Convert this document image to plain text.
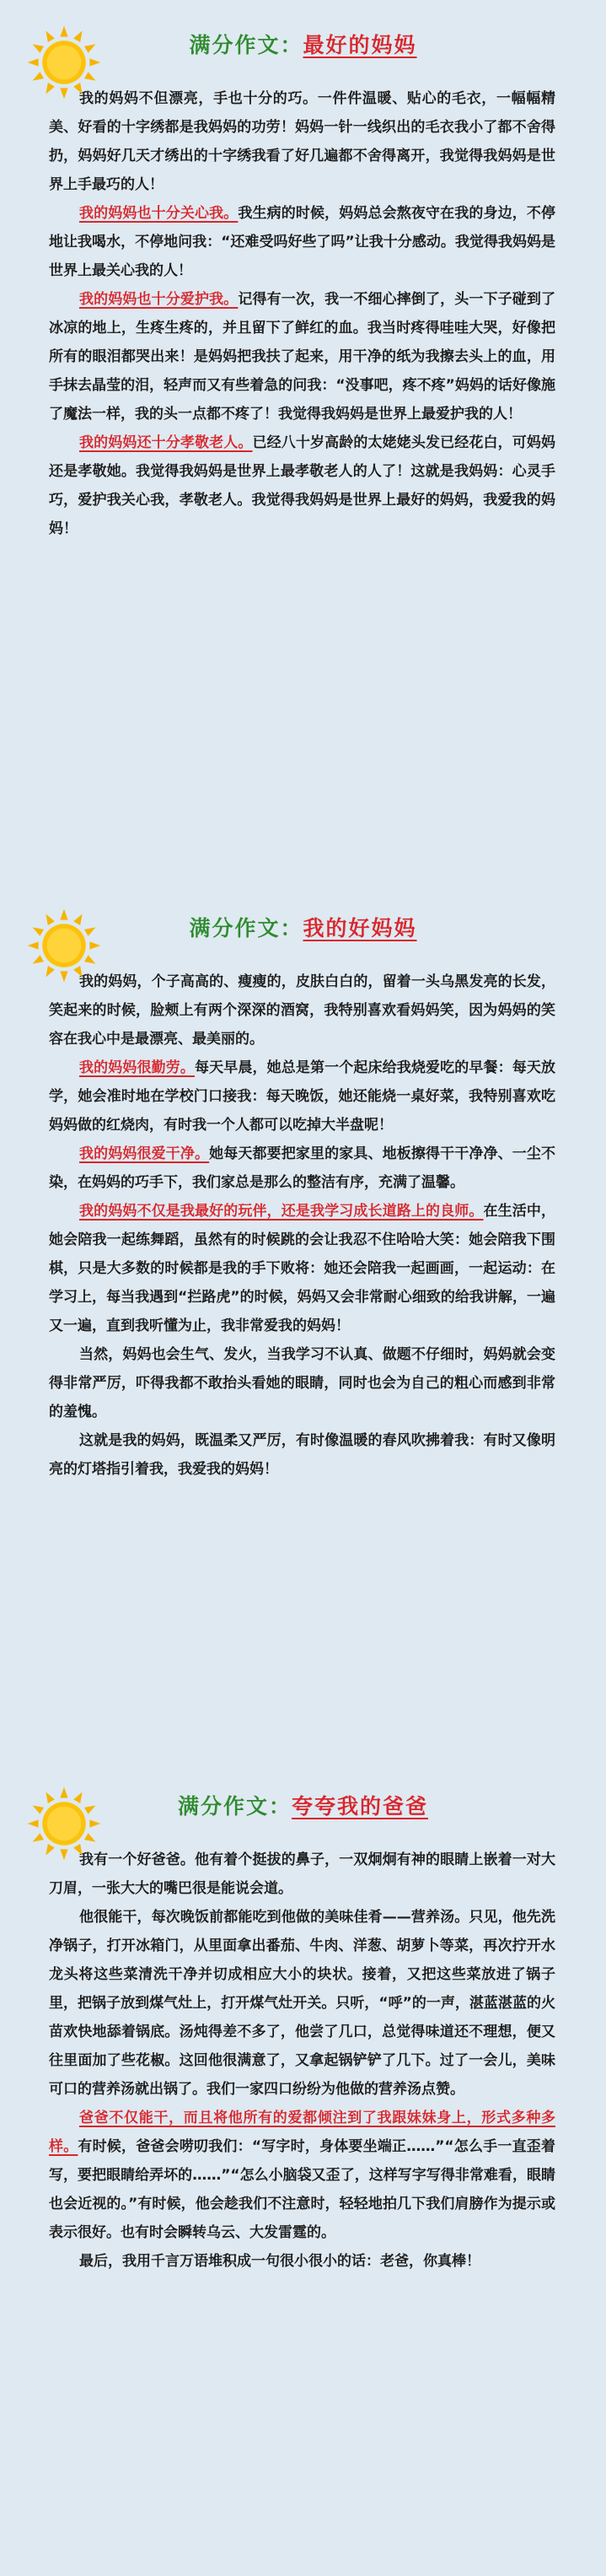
满分作文：最好的妈妈

我的妈妈不但漂亮，手也十分的巧。一件件温暖、贴心的毛衣，一幅幅精美、好看的十字绣都是我妈妈的功劳！妈妈一针一线织出的毛衣我小了都不舍得扔，妈妈好几天才绣出的十字绣我看了好几遍都不舍得离开，我觉得我妈妈是世界上手最巧的人！

我的妈妈也十分关心我。我生病的时候，妈妈总会熬夜守在我的身边，不停地让我喝水，不停地问我：“还难受吗好些了吗”让我十分感动。我觉得我妈妈是世界上最关心我的人！

我的妈妈也十分爱护我。记得有一次，我一不细心摔倒了，头一下子碰到了冰凉的地上，生疼生疼的，并且留下了鲜红的血。我当时疼得哇哇大哭，好像把所有的眼泪都哭出来！是妈妈把我扶了起来，用干净的纸为我擦去头上的血，用手抹去晶莹的泪，轻声而又有些着急的问我：“没事吧，疼不疼”妈妈的话好像施了魔法一样，我的头一点都不疼了！我觉得我妈妈是世界上最爱护我的人！

我的妈妈还十分孝敬老人。已经八十岁高龄的太姥姥头发已经花白，可妈妈还是孝敬她。我觉得我妈妈是世界上最孝敬老人的人了！这就是我妈妈：心灵手巧，爱护我关心我，孝敬老人。我觉得我妈妈是世界上最好的妈妈，我爱我的妈妈！

满分作文：我的好妈妈

我的妈妈，个子高高的、瘦瘦的，皮肤白白的，留着一头乌黑发亮的长发，笑起来的时候，脸颊上有两个深深的酒窝，我特别喜欢看妈妈笑，因为妈妈的笑容在我心中是最漂亮、最美丽的。

我的妈妈很勤劳。每天早晨，她总是第一个起床给我烧爱吃的早餐：每天放学，她会准时地在学校门口接我：每天晚饭，她还能烧一桌好菜，我特别喜欢吃妈妈做的红烧肉，有时我一个人都可以吃掉大半盘呢！

我的妈妈很爱干净。她每天都要把家里的家具、地板擦得干干净净、一尘不染，在妈妈的巧手下，我们家总是那么的整洁有序，充满了温馨。

我的妈妈不仅是我最好的玩伴，还是我学习成长道路上的良师。在生活中，她会陪我一起练舞蹈，虽然有的时候跳的会让我忍不住哈哈大笑：她会陪我下围棋，只是大多数的时候都是我的手下败将：她还会陪我一起画画，一起运动：在学习上，每当我遇到“拦路虎”的时候，妈妈又会非常耐心细致的给我讲解，一遍又一遍，直到我听懂为止，我非常爱我的妈妈！

当然，妈妈也会生气、发火，当我学习不认真、做题不仔细时，妈妈就会变得非常严厉，吓得我都不敢抬头看她的眼睛，同时也会为自己的粗心而感到非常的羞愧。

这就是我的妈妈，既温柔又严厉，有时像温暖的春风吹拂着我：有时又像明亮的灯塔指引着我，我爱我的妈妈！

满分作文：夸夸我的爸爸

我有一个好爸爸。他有着个挺拔的鼻子，一双炯炯有神的眼睛上嵌着一对大刀眉，一张大大的嘴巴很是能说会道。

他很能干，每次晚饭前都能吃到他做的美味佳肴——营养汤。只见，他先洗净锅子，打开冰箱门，从里面拿出番茄、牛肉、洋葱、胡萝卜等菜，再次拧开水龙头将这些菜清洗干净并切成相应大小的块状。接着，又把这些菜放进了锅子里，把锅子放到煤气灶上，打开煤气灶开关。只听，“呼”的一声，湛蓝湛蓝的火苗欢快地舔着锅底。汤炖得差不多了，他尝了几口，总觉得味道还不理想，便又往里面加了些花椒。这回他很满意了，又拿起锅铲铲了几下。过了一会儿，美味可口的营养汤就出锅了。我们一家四口纷纷为他做的营养汤点赞。

爸爸不仅能干，而且将他所有的爱都倾注到了我跟妹妹身上，形式多种多样。有时候，爸爸会唠叨我们：“写字时，身体要坐端正……”“怎么手一直歪着写，要把眼睛给弄坏的……”“怎么小脑袋又歪了，这样写字写得非常难看，眼睛也会近视的。”有时候，他会趁我们不注意时，轻轻地拍几下我们肩膀作为提示或表示很好。也有时会瞬转乌云、大发雷霆的。

最后，我用千言万语堆积成一句很小很小的话：老爸，你真棒！
